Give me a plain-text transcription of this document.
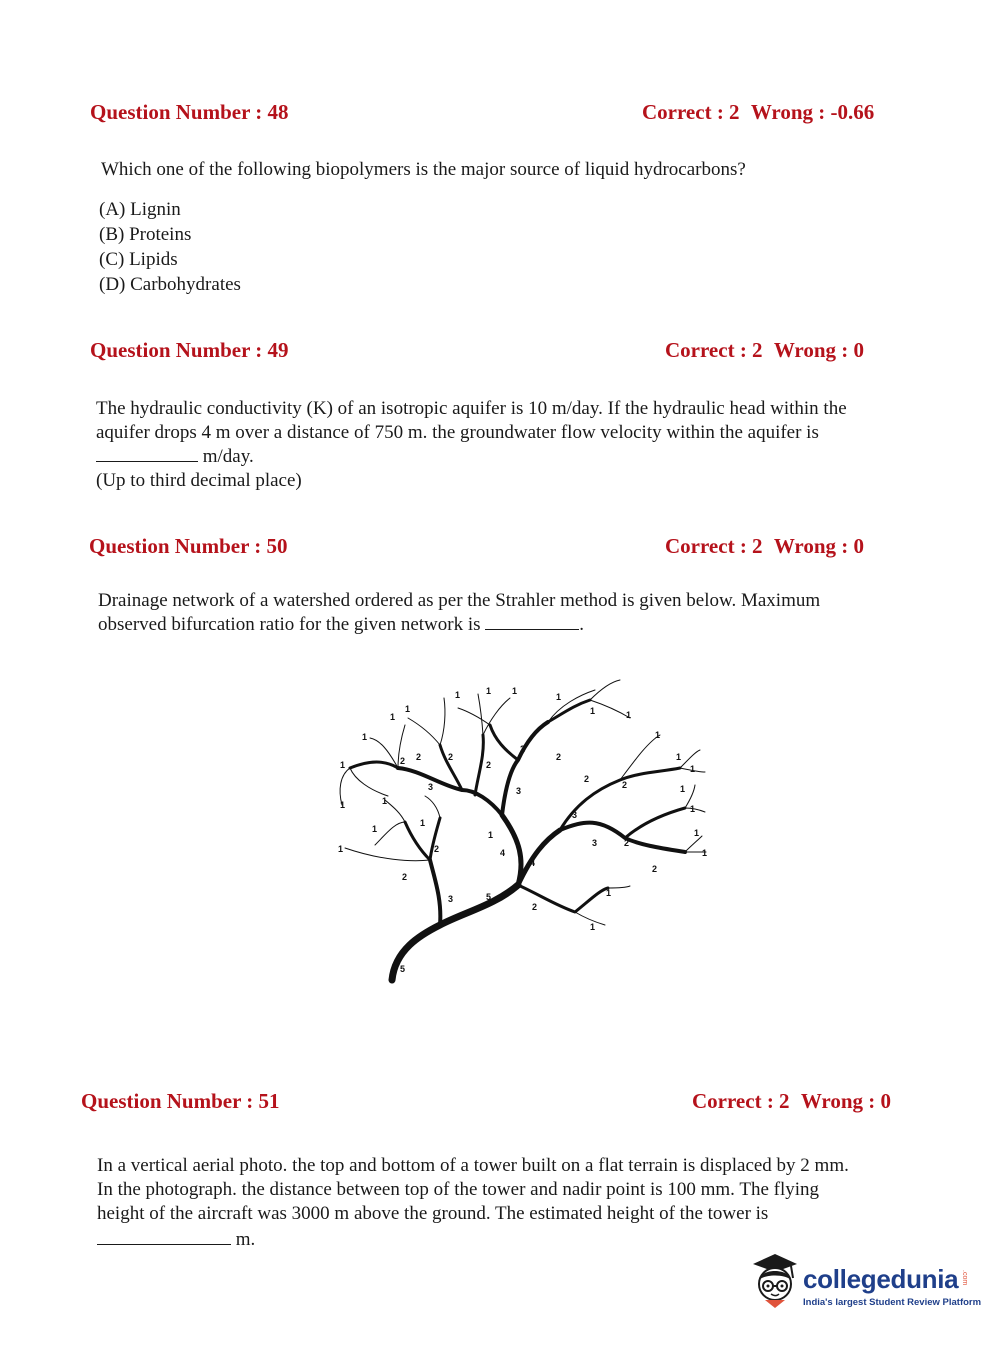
Question Number : 48	Correct : 2 Wrong : -0.66
Which one of the following biopolymers is the major source of liquid hydrocarbons?
(A) Lignin
(B) Proteins
(C) Lipids
(D) Carbohydrates
Question Number : 49	Correct : 2 Wrong : 0
The hydraulic conductivity (K) of an isotropic aquifer is 10 m/day. If the hydraulic head within the
aquifer drops 4 m over a distance of 750 m. the groundwater flow velocity within the aquifer is
m/day.
(Up to third decimal place)
Question Number : 50	Correct : 2 Wrong : 0
Drainage network of a watershed ordered as per the Strahler method is given below. Maximum
observed bifurcation ratio for the given network is	.
1
1	1 1
1
1
1
1	1
1
1
1
1
1
1
1
1
1	1
1
1
1
1
1
1
2 2	2
2
2
2
2
2
2
2
2
2
3	3
3
3
4
4
5
5
2
3
Question Number : 51	Correct : 2 Wrong : 0
In a vertical aerial photo. the top and bottom of a tower built on a flat terrain is displaced by 2 mm.
In the photograph. the distance between top of the tower and nadir point is 100 mm. The flying
height of the aircraft was 3000 m above the ground. The estimated height of the tower is
m.
collegedunia .com
India's largest Student Review Platform
